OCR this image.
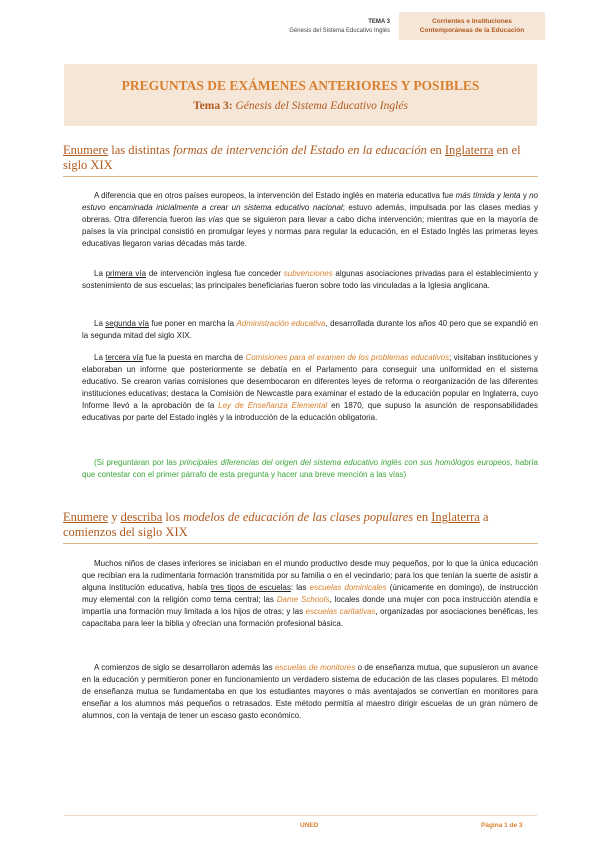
TEMA 3
Génesis del Sistema Educativo Inglés
Corrientes e Instituciones
Contemporáneas de la Educación
PREGUNTAS DE EXÁMENES ANTERIORES Y POSIBLES
Tema 3: Génesis del Sistema Educativo Inglés
Enumere las distintas formas de intervención del Estado en la educación en Inglaterra en el siglo XIX
A diferencia que en otros países europeos, la intervención del Estado inglés en materia educativa fue más tímida y lenta y no estuvo encaminada inicialmente a crear un sistema educativo nacional; estuvo además, impulsada por las clases medias y obreras. Otra diferencia fueron las vías que se siguieron para llevar a cabo dicha intervención; mientras que en la mayoría de países la vía principal consistió en promulgar leyes y normas para regular la educación, en el Estado Inglés las primeras leyes educativas llegaron varias décadas más tarde.
La primera vía de intervención inglesa fue conceder subvenciones algunas asociaciones privadas para el establecimiento y sostenimiento de sus escuelas; las principales beneficiarias fueron sobre todo las vinculadas a la Iglesia anglicana.
La segunda vía fue poner en marcha la Administración educativa, desarrollada durante los años 40 pero que se expandió en la segunda mitad del siglo XIX.
La tercera vía fue la puesta en marcha de Comisiones para el examen de los problemas educativos; visitaban instituciones y elaboraban un informe que posteriormente se debatía en el Parlamento para conseguir una uniformidad en el sistema educativo. Se crearon varias comisiones que desembocaron en diferentes leyes de reforma o reorganización de las diferentes instituciones educativas; destaca la Comisión de Newcastle para examinar el estado de la educación popular en Inglaterra, cuyo Informe llevó a la aprobación de la Ley de Enseñanza Elemental en 1870, que supuso la asunción de responsabilidades educativas por parte del Estado inglés y la introducción de la educación obligatoria.
(Si preguntaran por las principales diferencias del origen del sistema educativo inglés con sus homólogos europeos, habría que contestar con el primer párrafo de esta pregunta y hacer una breve mención a las vías)
Enumere y describa los modelos de educación de las clases populares en Inglaterra a comienzos del siglo XIX
Muchos niños de clases inferiores se iniciaban en el mundo productivo desde muy pequeños, por lo que la única educación que recibían era la rudimentaria formación transmitida por su familia o en el vecindario; para los que tenían la suerte de asistir a alguna institución educativa, había tres tipos de escuelas: las escuelas dominicales (únicamente en domingo), de instrucción muy elemental con la religión como tema central; las Dame Schools, locales donde una mujer con poca instrucción atendía e impartía una formación muy limitada a los hijos de otras; y las escuelas caritativas, organizadas por asociaciones benéficas, les capacitaba para leer la biblia y ofrecían una formación profesional básica.
A comienzos de siglo se desarrollaron además las escuelas de monitores o de enseñanza mutua, que supusieron un avance en la educación y permitieron poner en funcionamiento un verdadero sistema de educación de las clases populares. El método de enseñanza mutua se fundamentaba en que los estudiantes mayores o más aventajados se convertían en monitores para enseñar a los alumnos más pequeños o retrasados. Este método permitía al maestro dirigir escuelas de un gran número de alumnos, con la ventaja de tener un escaso gasto económico.
UNED	Página 1 de 3
